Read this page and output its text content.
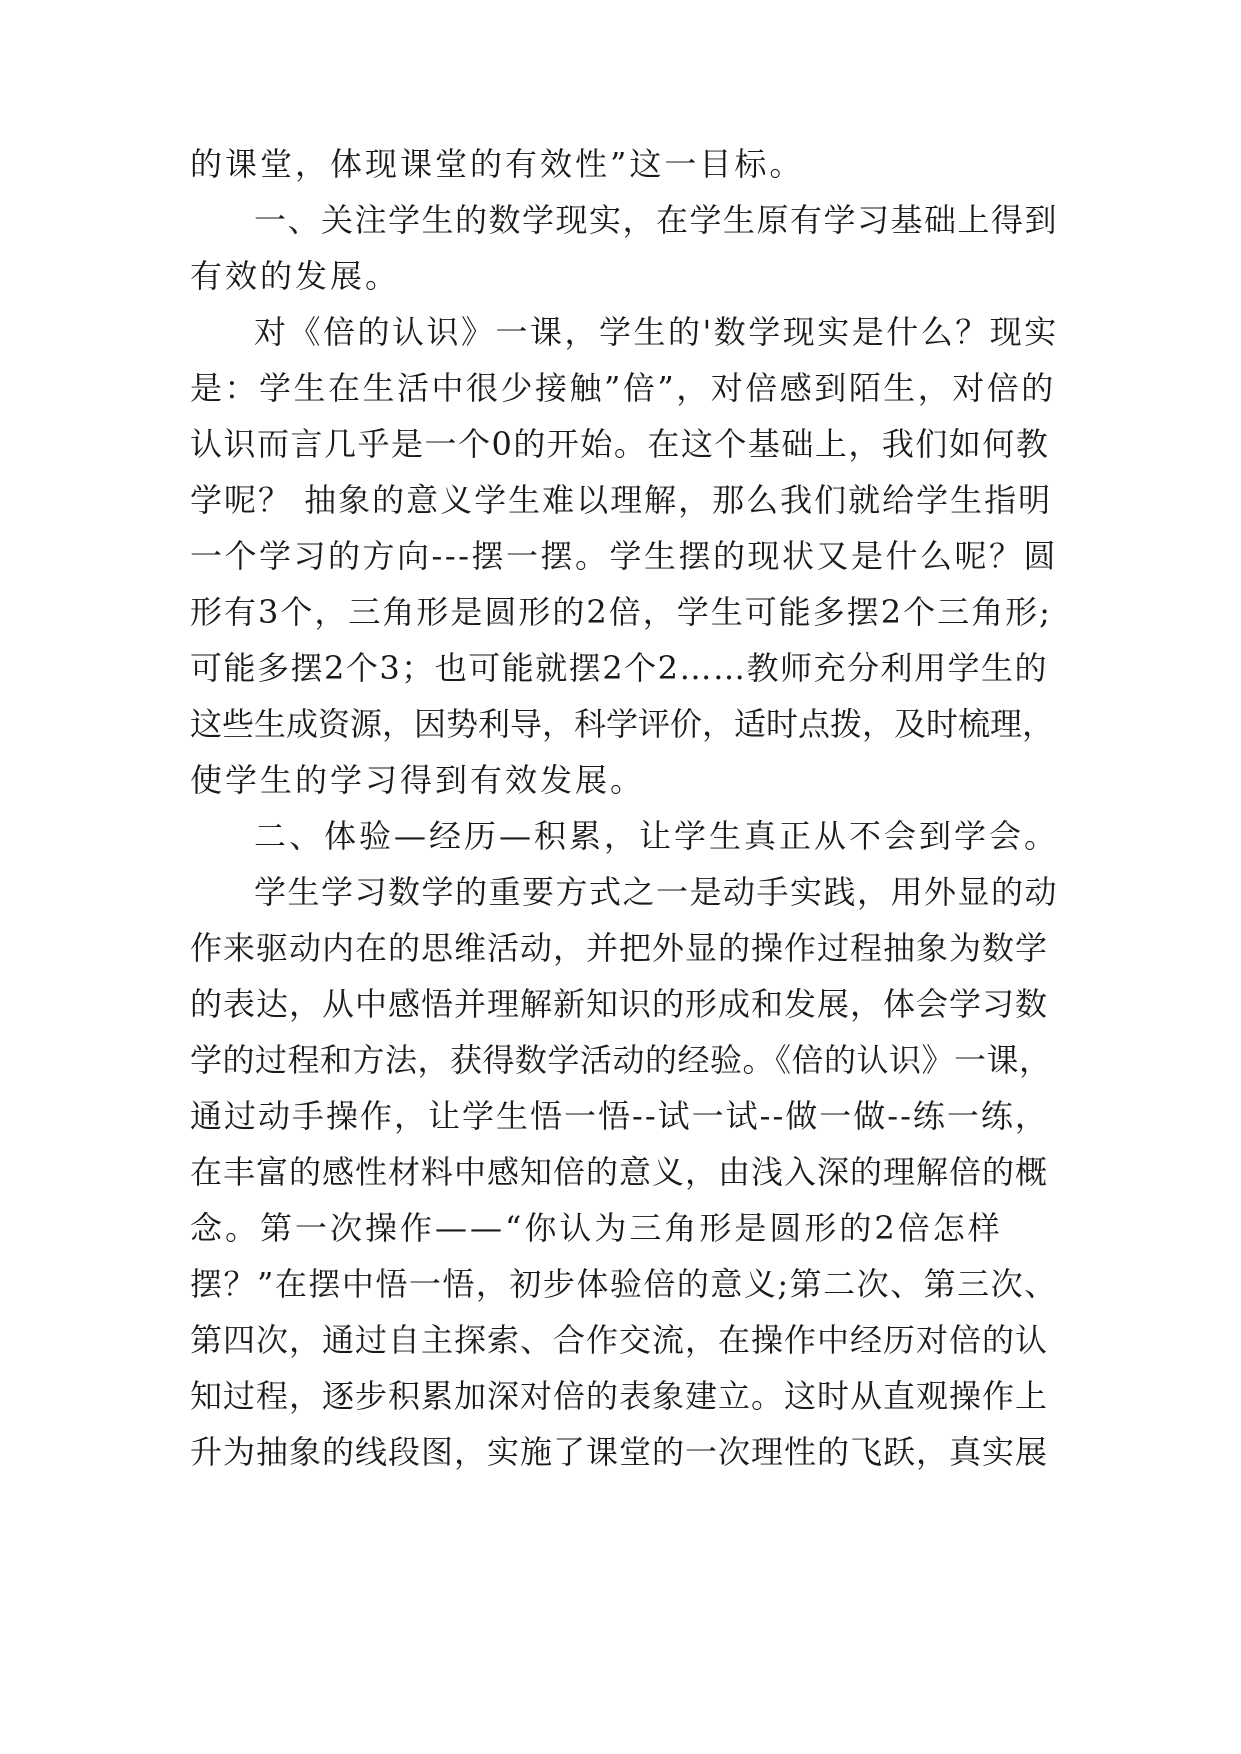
的课堂，体现课堂的有效性”这一目标。
一、关注学生的数学现实，在学生原有学习基础上得到
有效的发展。
对《倍的认识》一课，学生的'数学现实是什么？现实
是：学生在生活中很少接触”倍”，对倍感到陌生，对倍的
认识而言几乎是一个0的开始。在这个基础上，我们如何教
学呢？ 抽象的意义学生难以理解，那么我们就给学生指明
一个学习的方向---摆一摆。学生摆的现状又是什么呢？圆
形有3个，三角形是圆形的2倍，学生可能多摆2个三角形;
可能多摆2个3；也可能就摆2个2……教师充分利用学生的
这些生成资源，因势利导，科学评价，适时点拨，及时梳理，
使学生的学习得到有效发展。
二、体验—经历—积累，让学生真正从不会到学会。
学生学习数学的重要方式之一是动手实践，用外显的动
作来驱动内在的思维活动，并把外显的操作过程抽象为数学
的表达，从中感悟并理解新知识的形成和发展，体会学习数
学的过程和方法，获得数学活动的经验。《倍的认识》一课，
通过动手操作，让学生悟一悟--试一试--做一做--练一练，
在丰富的感性材料中感知倍的意义，由浅入深的理解倍的概
念。第一次操作——“你认为三角形是圆形的2倍怎样
摆？”在摆中悟一悟，初步体验倍的意义;第二次、第三次、
第四次，通过自主探索、合作交流，在操作中经历对倍的认
知过程，逐步积累加深对倍的表象建立。这时从直观操作上
升为抽象的线段图，实施了课堂的一次理性的飞跃，真实展
